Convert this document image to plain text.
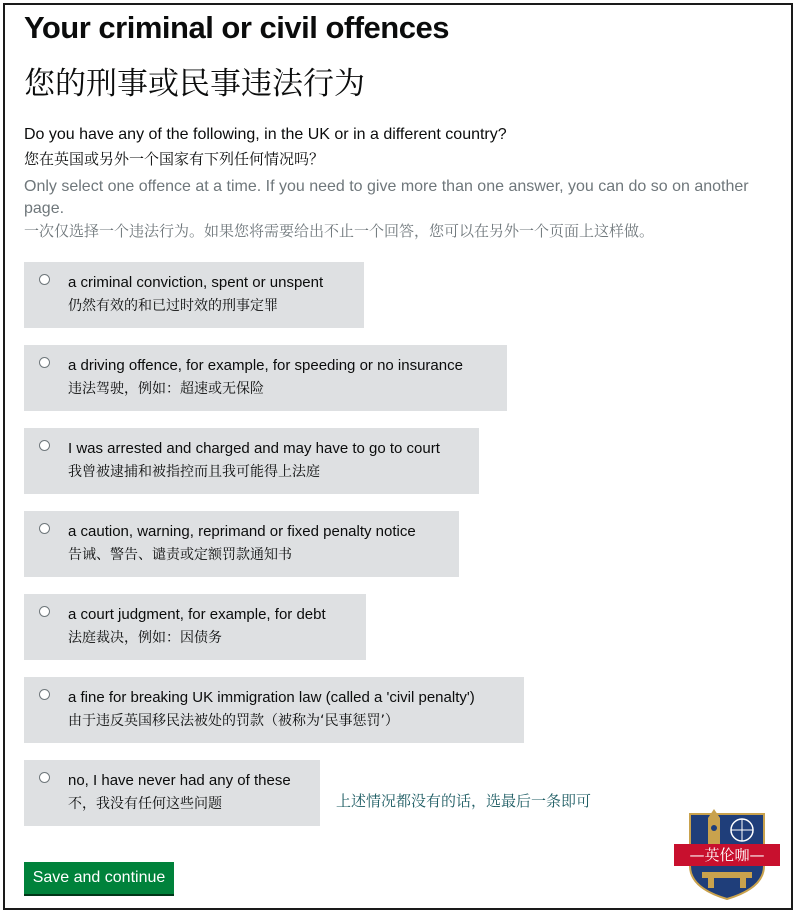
Your criminal or civil offences
您的刑事或民事违法行为
Do you have any of the following, in the UK or in a different country?
您在英国或另外一个国家有下列任何情况吗？
Only select one offence at a time. If you need to give more than one answer, you can do so on another page.
一次仅选择一个违法行为。如果您将需要给出不止一个回答，您可以在另外一个页面上这样做。
a criminal conviction, spent or unspent
仍然有效的和已过时效的刑事定罪
a driving offence, for example, for speeding or no insurance
违法驾驶，例如：超速或无保险
I was arrested and charged and may have to go to court
我曾被逮捕和被指控而且我可能得上法庭
a caution, warning, reprimand or fixed penalty notice
告诫、警告、谴责或定额罚款通知书
a court judgment, for example, for debt
法庭裁决，例如：因债务
a fine for breaking UK immigration law (called a 'civil penalty')
由于违反英国移民法被处的罚款（被称为‘民事惩罚’）
no, I have never had any of these
不，我没有任何这些问题	上述情况都没有的话，选最后一条即可
Save and continue
—英伦咖—
